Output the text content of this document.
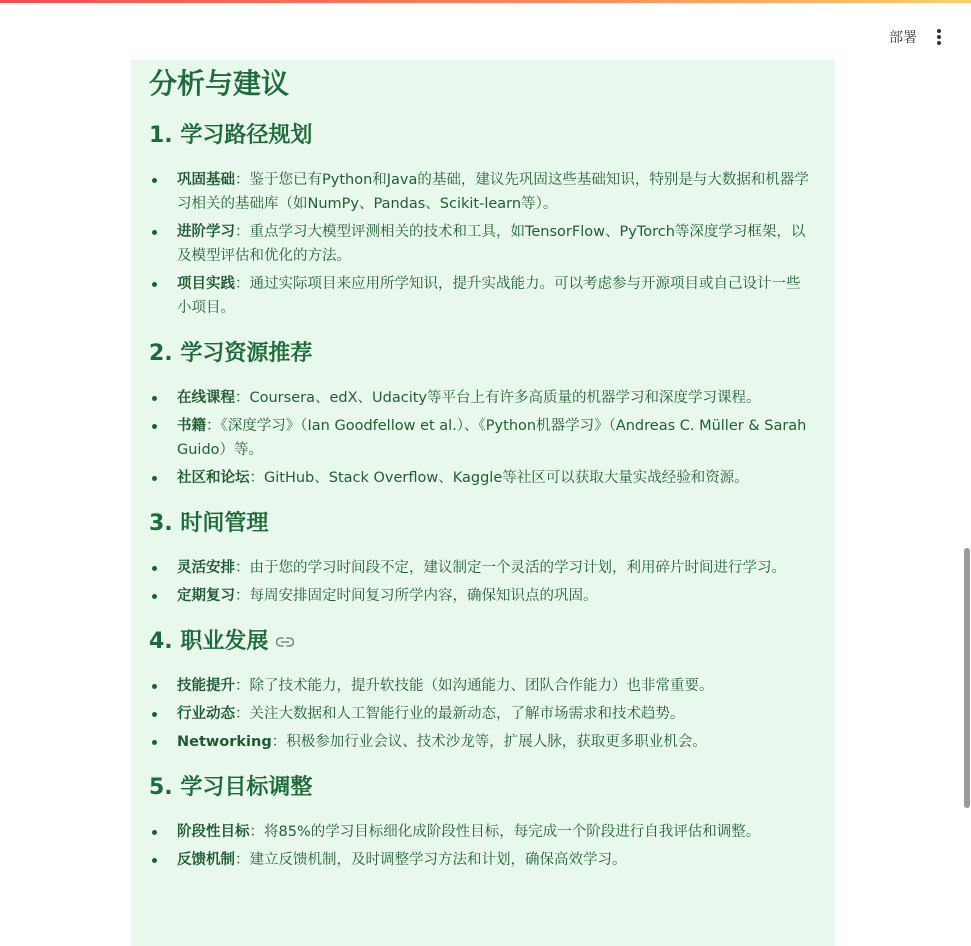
部署
分析与建议
1. 学习路径规划
巩固基础：鉴于您已有Python和Java的基础，建议先巩固这些基础知识，特别是与大数据和机器学习相关的基础库（如NumPy、Pandas、Scikit-learn等）。
进阶学习：重点学习大模型评测相关的技术和工具，如TensorFlow、PyTorch等深度学习框架，以及模型评估和优化的方法。
项目实践：通过实际项目来应用所学知识，提升实战能力。可以考虑参与开源项目或自己设计一些小项目。
2. 学习资源推荐
在线课程：Coursera、edX、Udacity等平台上有许多高质量的机器学习和深度学习课程。
书籍：《深度学习》（Ian Goodfellow et al.）、《Python机器学习》（Andreas C. Müller & Sarah Guido）等。
社区和论坛：GitHub、Stack Overflow、Kaggle等社区可以获取大量实战经验和资源。
3. 时间管理
灵活安排：由于您的学习时间段不定，建议制定一个灵活的学习计划，利用碎片时间进行学习。
定期复习：每周安排固定时间复习所学内容，确保知识点的巩固。
4. 职业发展
技能提升：除了技术能力，提升软技能（如沟通能力、团队合作能力）也非常重要。
行业动态：关注大数据和人工智能行业的最新动态，了解市场需求和技术趋势。
Networking：积极参加行业会议、技术沙龙等，扩展人脉，获取更多职业机会。
5. 学习目标调整
阶段性目标：将85%的学习目标细化成阶段性目标，每完成一个阶段进行自我评估和调整。
反馈机制：建立反馈机制，及时调整学习方法和计划，确保高效学习。
